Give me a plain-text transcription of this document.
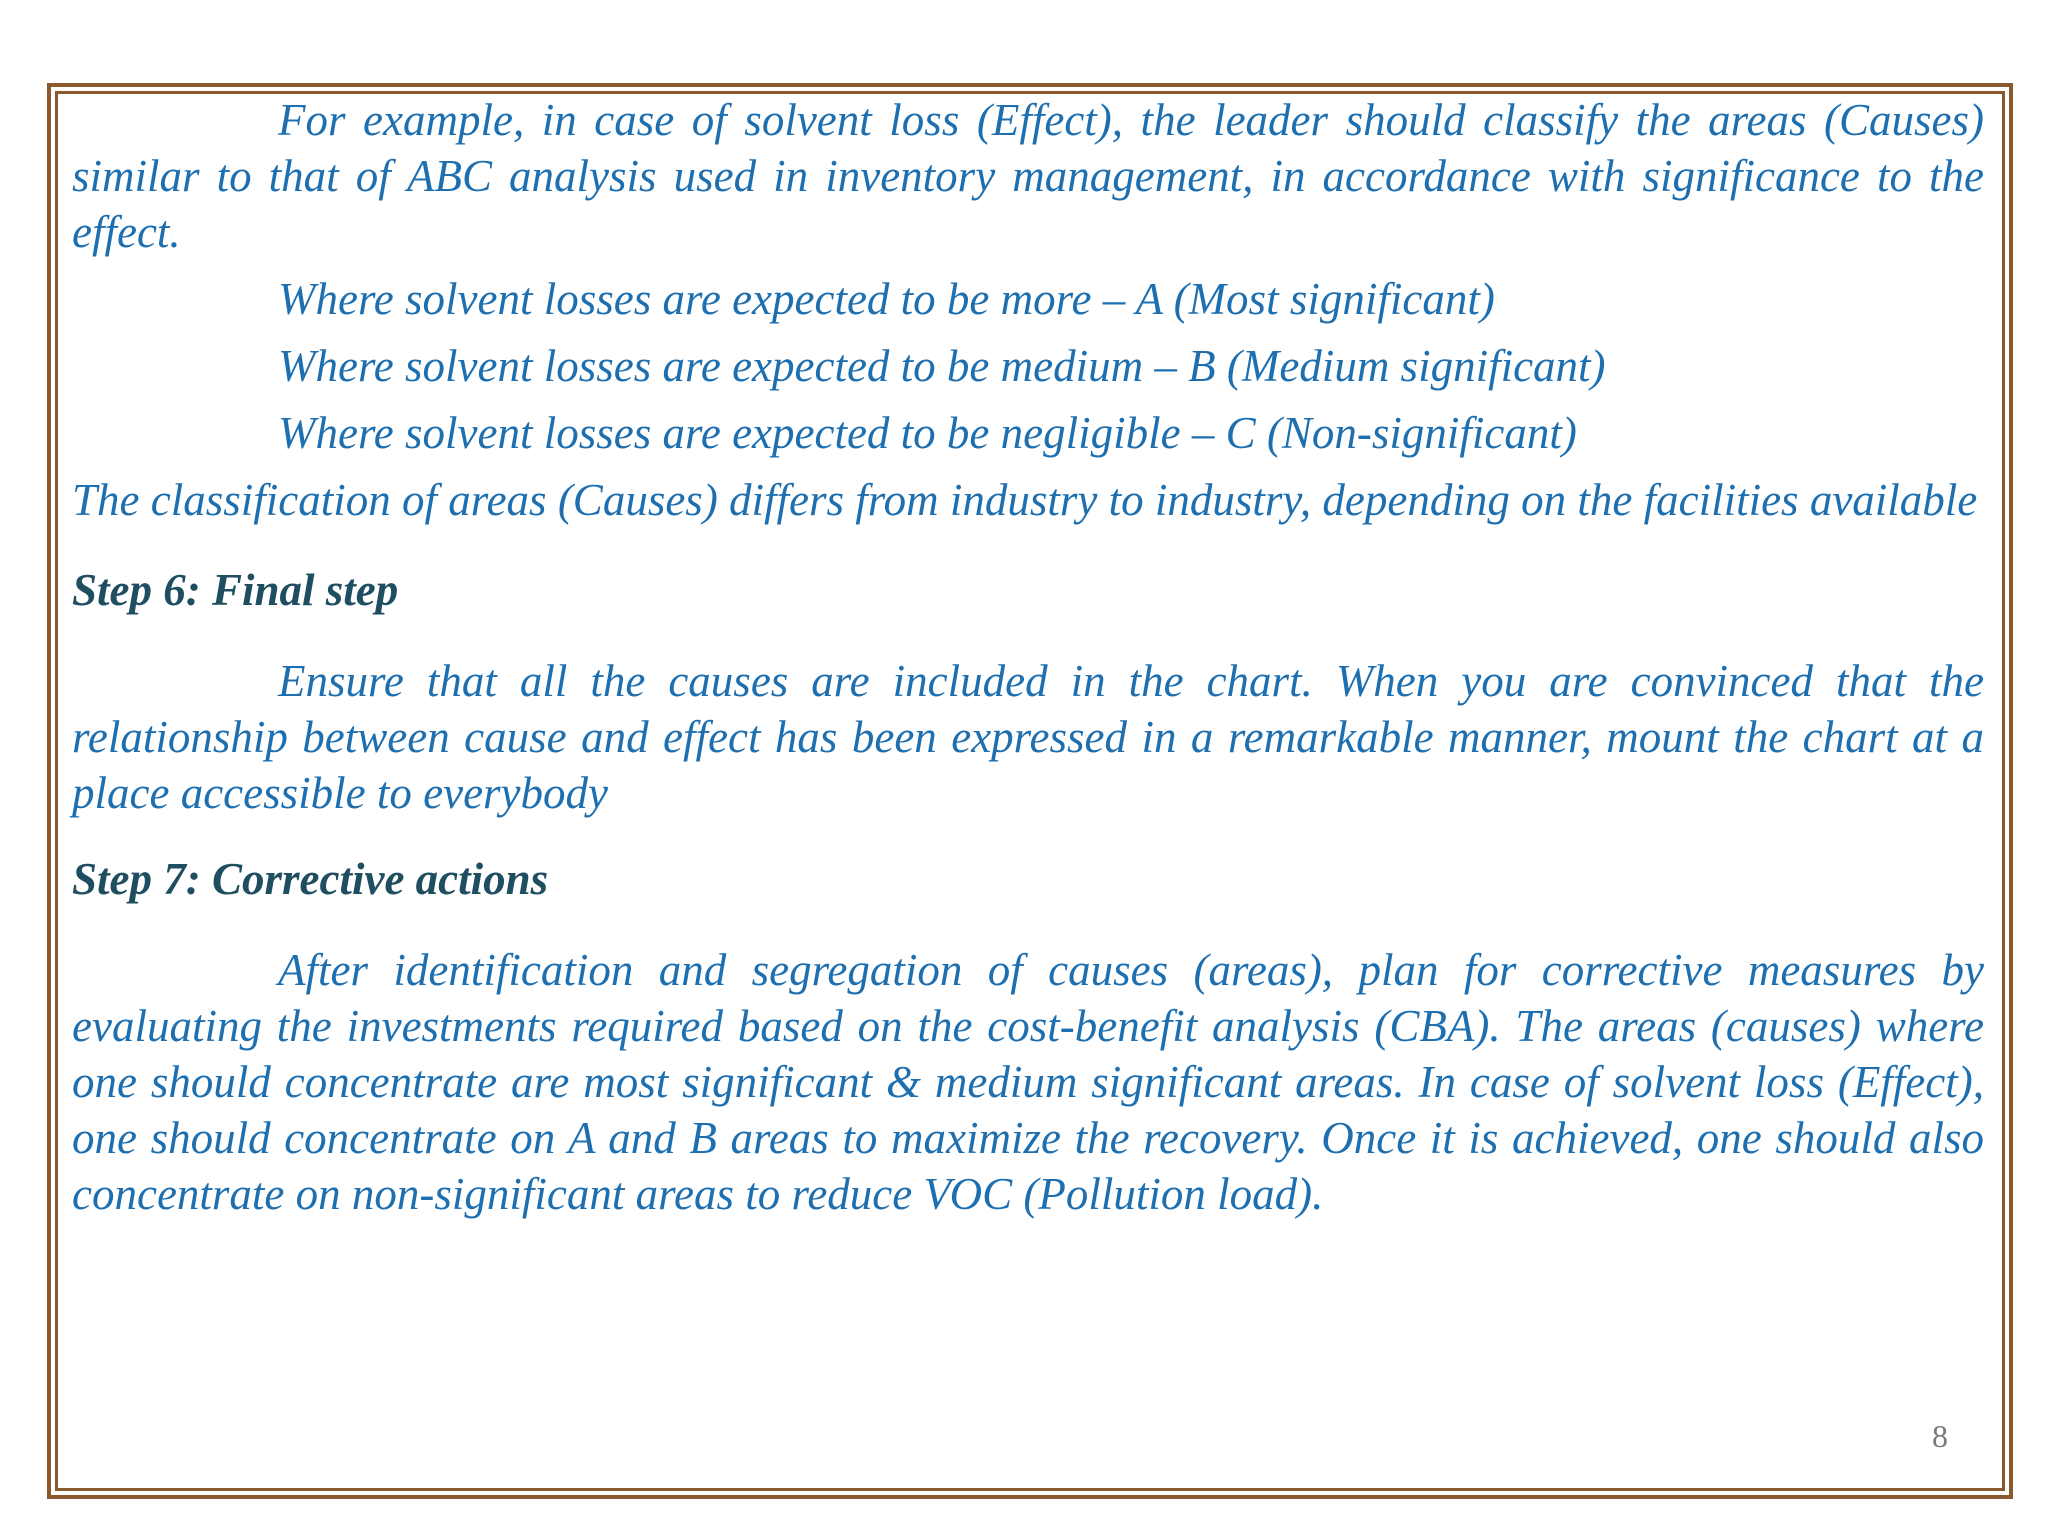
For example, in case of solvent loss (Effect), the leader should classify the areas (Causes) similar to that of ABC analysis used in inventory management, in accordance with significance to the effect.

Where solvent losses are expected to be more – A (Most significant)

Where solvent losses are expected to be medium – B (Medium significant)

Where solvent losses are expected to be negligible – C (Non-significant)

The classification of areas (Causes) differs from industry to industry, depending on the facilities available

Step 6: Final step

Ensure that all the causes are included in the chart. When you are convinced that the relationship between cause and effect has been expressed in a remarkable manner, mount the chart at a place accessible to everybody

Step 7: Corrective actions

After identification and segregation of causes (areas), plan for corrective measures by evaluating the investments required based on the cost-benefit analysis (CBA). The areas (causes) where one should concentrate are most significant & medium significant areas. In case of solvent loss (Effect), one should concentrate on A and B areas to maximize the recovery. Once it is achieved, one should also concentrate on non-significant areas to reduce VOC (Pollution load).

8
